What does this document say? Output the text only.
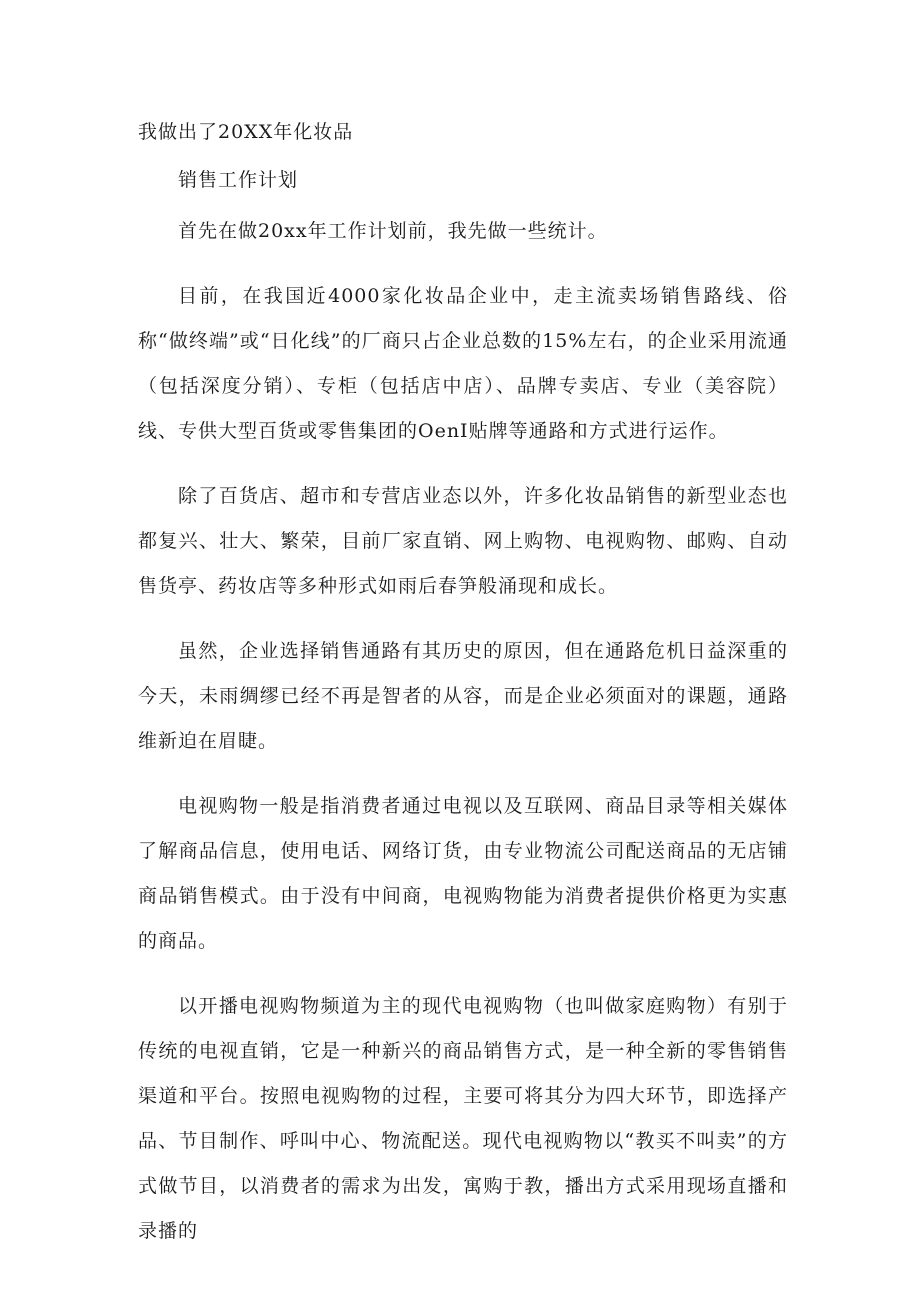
我做出了20XX年化妆品

销售工作计划

首先在做20xx年工作计划前，我先做一些统计。

目前，在我国近4000家化妆品企业中，走主流卖场销售路线、俗称“做终端”或“日化线”的厂商只占企业总数的15%左右，的企业采用流通（包括深度分销）、专柜（包括店中店）、品牌专卖店、专业（美容院）线、专供大型百货或零售集团的OenI贴牌等通路和方式进行运作。

除了百货店、超市和专营店业态以外，许多化妆品销售的新型业态也都复兴、壮大、繁荣，目前厂家直销、网上购物、电视购物、邮购、自动售货亭、药妆店等多种形式如雨后春笋般涌现和成长。

虽然，企业选择销售通路有其历史的原因，但在通路危机日益深重的今天，未雨绸缪已经不再是智者的从容，而是企业必须面对的课题，通路维新迫在眉睫。

电视购物一般是指消费者通过电视以及互联网、商品目录等相关媒体了解商品信息，使用电话、网络订货，由专业物流公司配送商品的无店铺商品销售模式。由于没有中间商，电视购物能为消费者提供价格更为实惠的商品。

以开播电视购物频道为主的现代电视购物（也叫做家庭购物）有别于传统的电视直销，它是一种新兴的商品销售方式，是一种全新的零售销售渠道和平台。按照电视购物的过程，主要可将其分为四大环节，即选择产品、节目制作、呼叫中心、物流配送。现代电视购物以“教买不叫卖”的方式做节目，以消费者的需求为出发，寓购于教，播出方式采用现场直播和录播的
